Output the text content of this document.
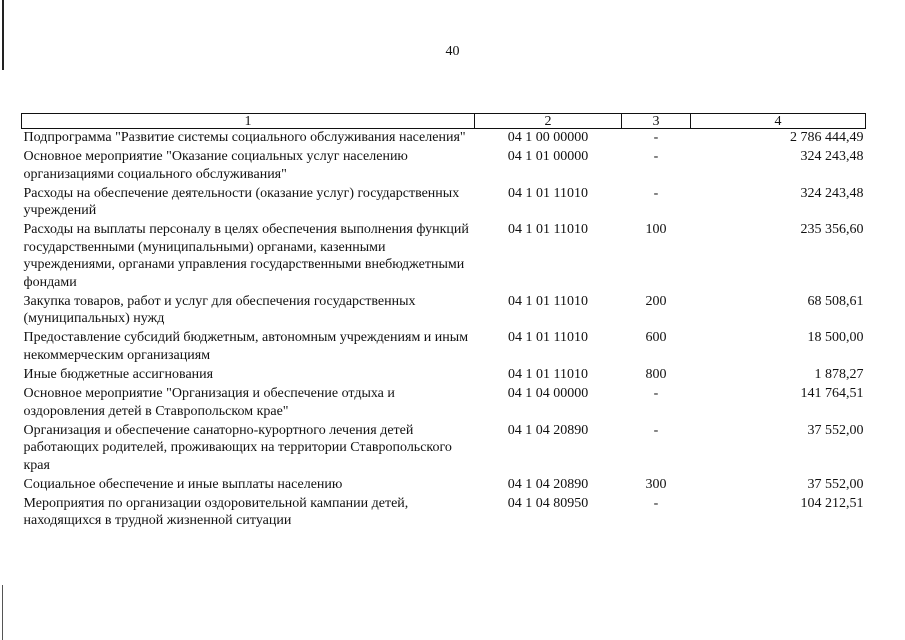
40
1	2	3	4
Подпрограмма "Развитие системы социального обслуживания населения"	04 1 00 00000	-	2 786 444,49
Основное мероприятие "Оказание социальных услуг населению организациями социального обслуживания"	04 1 01 00000	-	324 243,48
Расходы на обеспечение деятельности (оказание услуг) государственных учреждений	04 1 01 11010	-	324 243,48
Расходы на выплаты персоналу в целях обеспечения выполнения функций государственными (муниципальными) органами, казенными учреждениями, органами управления государственными внебюджетными фондами	04 1 01 11010	100	235 356,60
Закупка товаров, работ и услуг для обеспечения государственных (муниципальных) нужд	04 1 01 11010	200	68 508,61
Предоставление субсидий бюджетным, автономным учреждениям и иным некоммерческим организациям	04 1 01 11010	600	18 500,00
Иные бюджетные ассигнования	04 1 01 11010	800	1 878,27
Основное мероприятие "Организация и обеспечение отдыха и оздоровления детей в Ставропольском крае"	04 1 04 00000	-	141 764,51
Организация и обеспечение санаторно-курортного лечения детей работающих родителей, проживающих на территории Ставропольского края	04 1 04 20890	-	37 552,00
Социальное обеспечение и иные выплаты населению	04 1 04 20890	300	37 552,00
Мероприятия по организации оздоровительной кампании детей, находящихся в трудной жизненной ситуации	04 1 04 80950	-	104 212,51
